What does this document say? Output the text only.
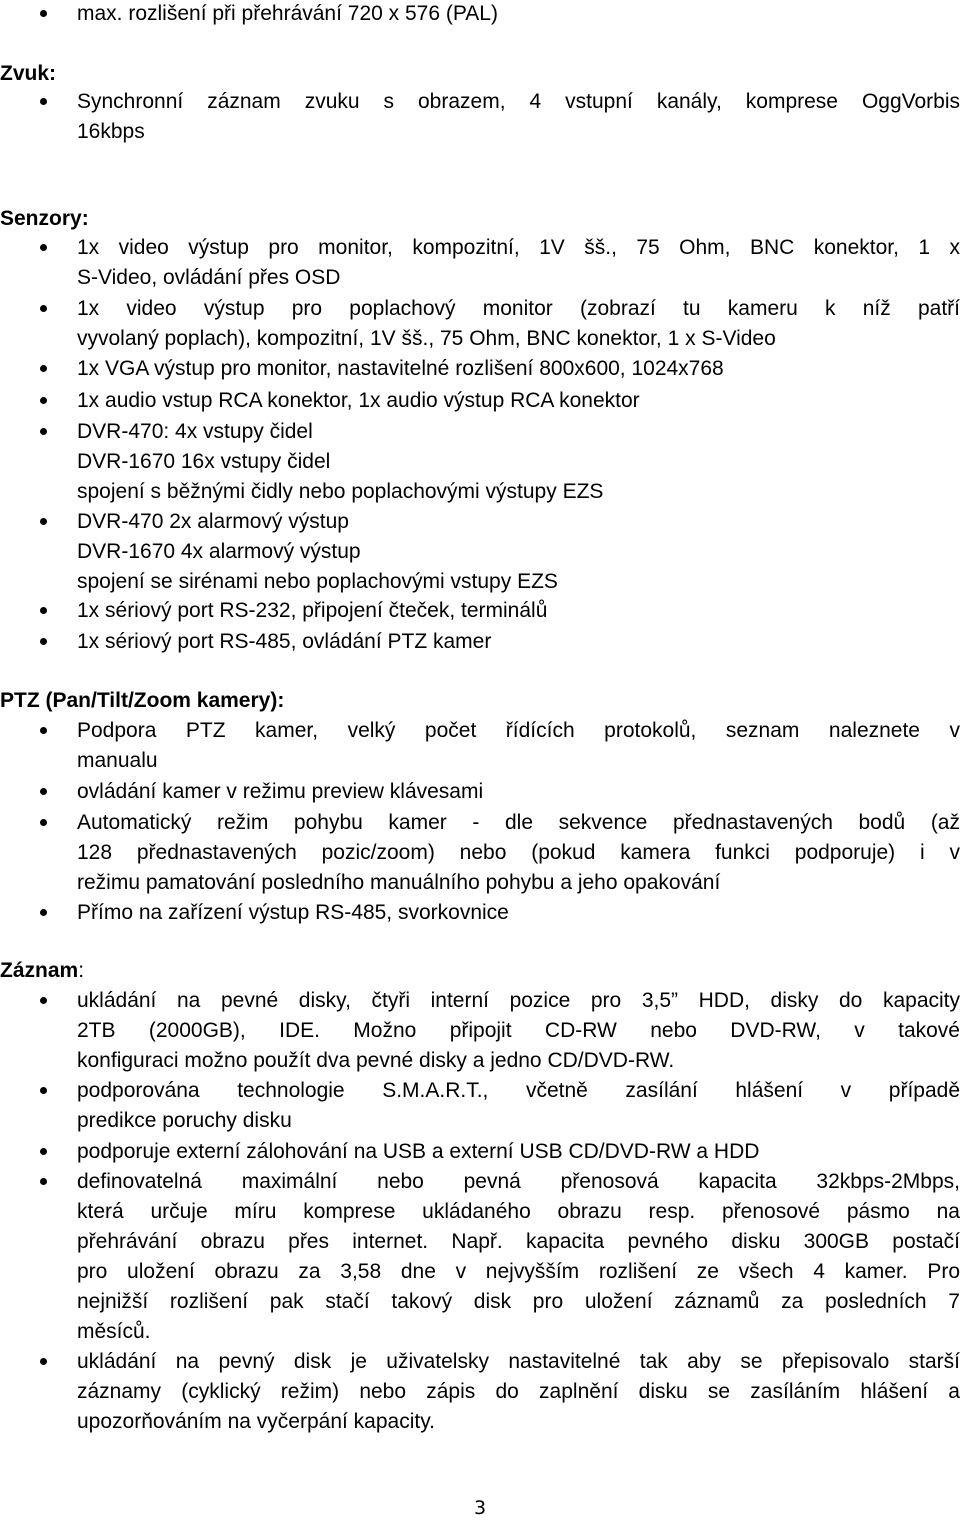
max. rozlišení při přehrávání 720 x 576 (PAL)
Zvuk:
Synchronní záznam zvuku s obrazem, 4 vstupní kanály, komprese OggVorbis
16kbps
Senzory:
1x video výstup pro monitor, kompozitní, 1V šš., 75 Ohm, BNC konektor, 1 x
S-Video, ovládání přes OSD
1x video výstup pro poplachový monitor (zobrazí tu kameru k níž patří
vyvolaný poplach), kompozitní, 1V šš., 75 Ohm, BNC konektor, 1 x S-Video
1x VGA výstup pro monitor, nastavitelné rozlišení 800x600, 1024x768
1x audio vstup RCA konektor, 1x audio výstup RCA konektor
DVR-470: 4x vstupy čidel
DVR-1670 16x vstupy čidel
spojení s běžnými čidly nebo poplachovými výstupy EZS
DVR-470 2x alarmový výstup
DVR-1670 4x alarmový výstup
spojení se sirénami nebo poplachovými vstupy EZS
1x sériový port RS-232, připojení čteček, terminálů
1x sériový port RS-485, ovládání PTZ kamer
PTZ (Pan/Tilt/Zoom kamery):
Podpora PTZ kamer, velký počet řídících protokolů, seznam naleznete v
manualu
ovládání kamer v režimu preview klávesami
Automatický režim pohybu kamer - dle sekvence přednastavených bodů (až
128 přednastavených pozic/zoom) nebo (pokud kamera funkci podporuje) i v
režimu pamatování posledního manuálního pohybu a jeho opakování
Přímo na zařízení výstup RS-485, svorkovnice
Záznam:
ukládání na pevné disky, čtyři interní pozice pro 3,5” HDD, disky do kapacity
2TB (2000GB), IDE. Možno připojit CD-RW nebo DVD-RW, v takové
konfiguraci možno použít dva pevné disky a jedno CD/DVD-RW.
podporována technologie S.M.A.R.T., včetně zasílání hlášení v případě
predikce poruchy disku
podporuje externí zálohování na USB a externí USB CD/DVD-RW a HDD
definovatelná maximální nebo pevná přenosová kapacita 32kbps-2Mbps,
která určuje míru komprese ukládaného obrazu resp. přenosové pásmo na
přehrávání obrazu přes internet. Např. kapacita pevného disku 300GB postačí
pro uložení obrazu za 3,58 dne v nejvyšším rozlišení ze všech 4 kamer. Pro
nejnižší rozlišení pak stačí takový disk pro uložení záznamů za posledních 7
měsíců.
ukládání na pevný disk je uživatelsky nastavitelné tak aby se přepisovalo starší
záznamy (cyklický režim) nebo zápis do zaplnění disku se zasíláním hlášení a
upozorňováním na vyčerpání kapacity.
3
